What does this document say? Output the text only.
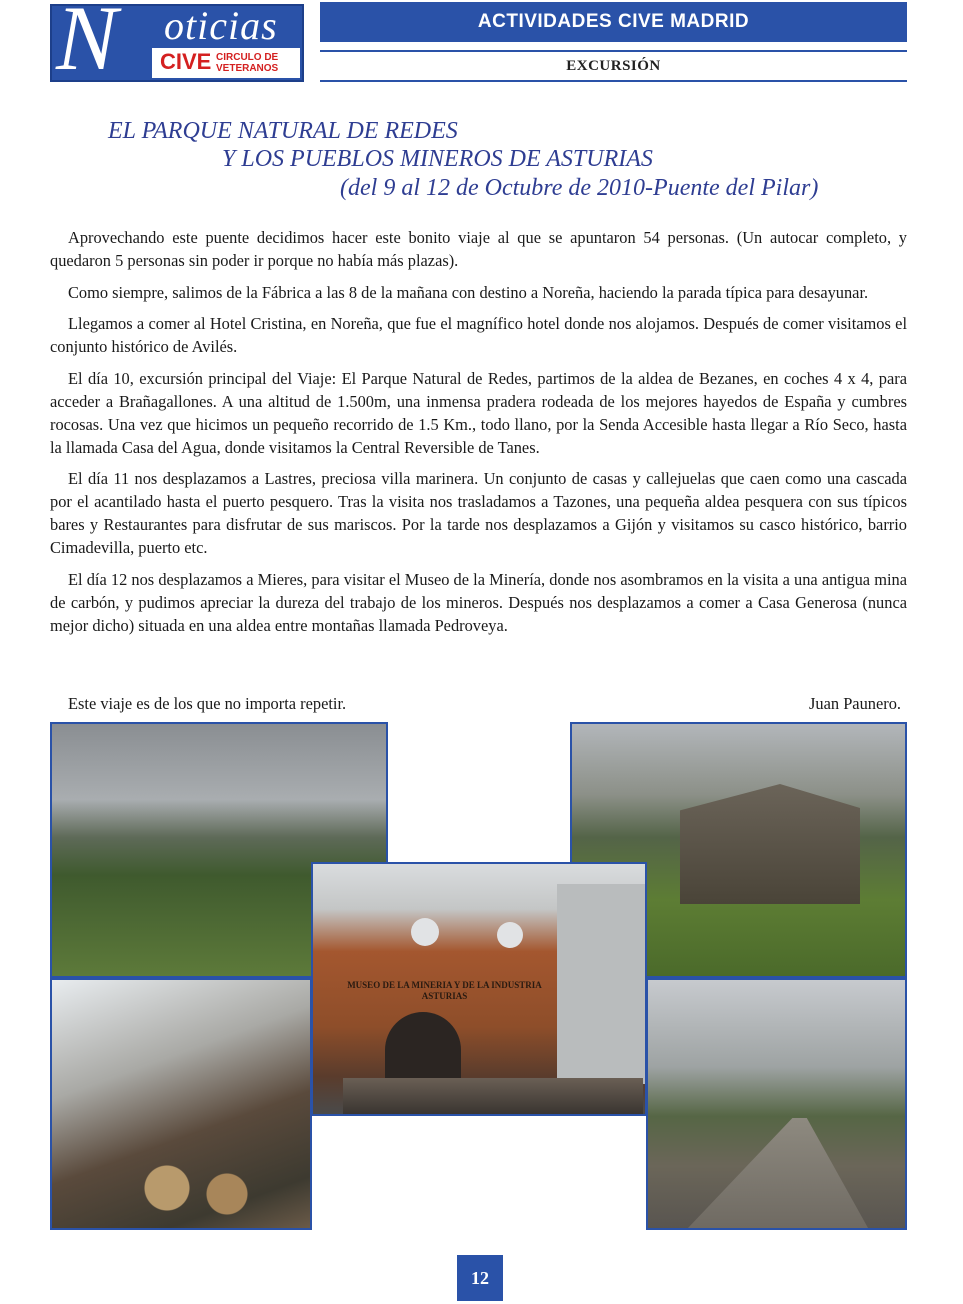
N oticias
CIVE CIRCULO DE VETERANOS
ACTIVIDADES CIVE MADRID
EXCURSIÓN
EL PARQUE NATURAL DE REDES
Y LOS PUEBLOS MINEROS DE ASTURIAS
(del 9 al 12 de Octubre de 2010-Puente del Pilar)

Aprovechando este puente decidimos hacer este bonito viaje al que se apuntaron 54 personas. (Un autocar completo, y quedaron 5 personas sin poder ir porque no había más plazas).

Como siempre, salimos de la Fábrica a las 8 de la mañana con destino a Noreña, haciendo la parada típica para desayunar.

Llegamos a comer al Hotel Cristina, en Noreña, que fue el magnífico hotel donde nos alojamos. Después de comer visitamos el conjunto histórico de Avilés.

El día 10, excursión principal del Viaje: El Parque Natural de Redes, partimos de la aldea de Bezanes, en coches 4 x 4, para acceder a Brañagallones. A una altitud de 1.500m, una inmensa pradera rodeada de los mejores hayedos de España y cumbres rocosas. Una vez que hicimos un pequeño recorrido de 1.5 Km., todo llano, por la Senda Accesible hasta llegar a Río Seco, hasta la llamada Casa del Agua, donde visitamos la Central Reversible de Tanes.

El día 11 nos desplazamos a Lastres, preciosa villa marinera. Un conjunto de casas y callejuelas que caen como una cascada por el acantilado hasta el puerto pesquero. Tras la visita nos trasladamos a Tazones, una pequeña aldea pesquera con sus típicos bares y Restaurantes para disfrutar de sus mariscos. Por la tarde nos desplazamos a Gijón y visitamos su casco histórico, barrio Cimadevilla, puerto etc.

El día 12 nos desplazamos a Mieres, para visitar el Museo de la Minería, donde nos asombramos en la visita a una antigua mina de carbón, y pudimos apreciar la dureza del trabajo de los mineros. Después nos desplazamos a comer a Casa Generosa (nunca mejor dicho) situada en una aldea entre montañas llamada Pedroveya.

Este viaje es de los que no importa repetir.	Juan Paunero.
MUSEO DE LA MINERIA Y DE LA INDUSTRIA ASTURIAS
12
